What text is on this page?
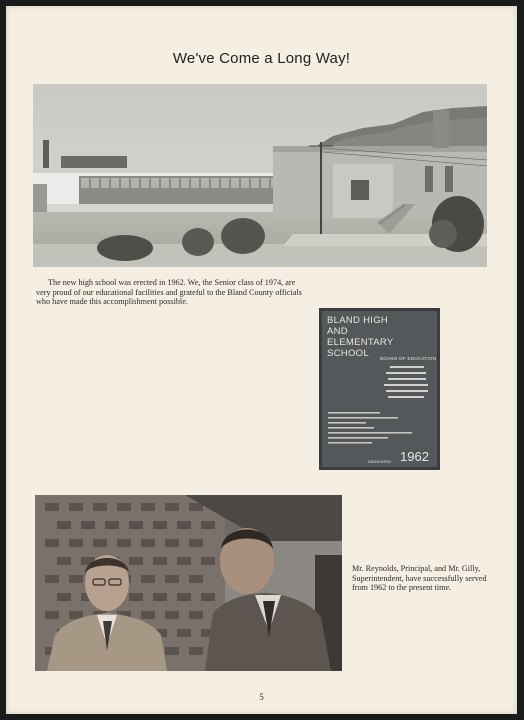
We've Come a Long Way!
The new high school was erected in 1962. We, the Senior class of 1974, are very proud of our educational facilities and grateful to the Bland County officials who have made this accomplishment possible.
BLAND HIGH
AND
ELEMENTARY SCHOOL	BOARD OF EDUCATION
DEDICATED 1962
Mr. Reynolds, Principal, and Mr. Gilly, Superintendent, have successfully served from 1962 to the present time.
5
